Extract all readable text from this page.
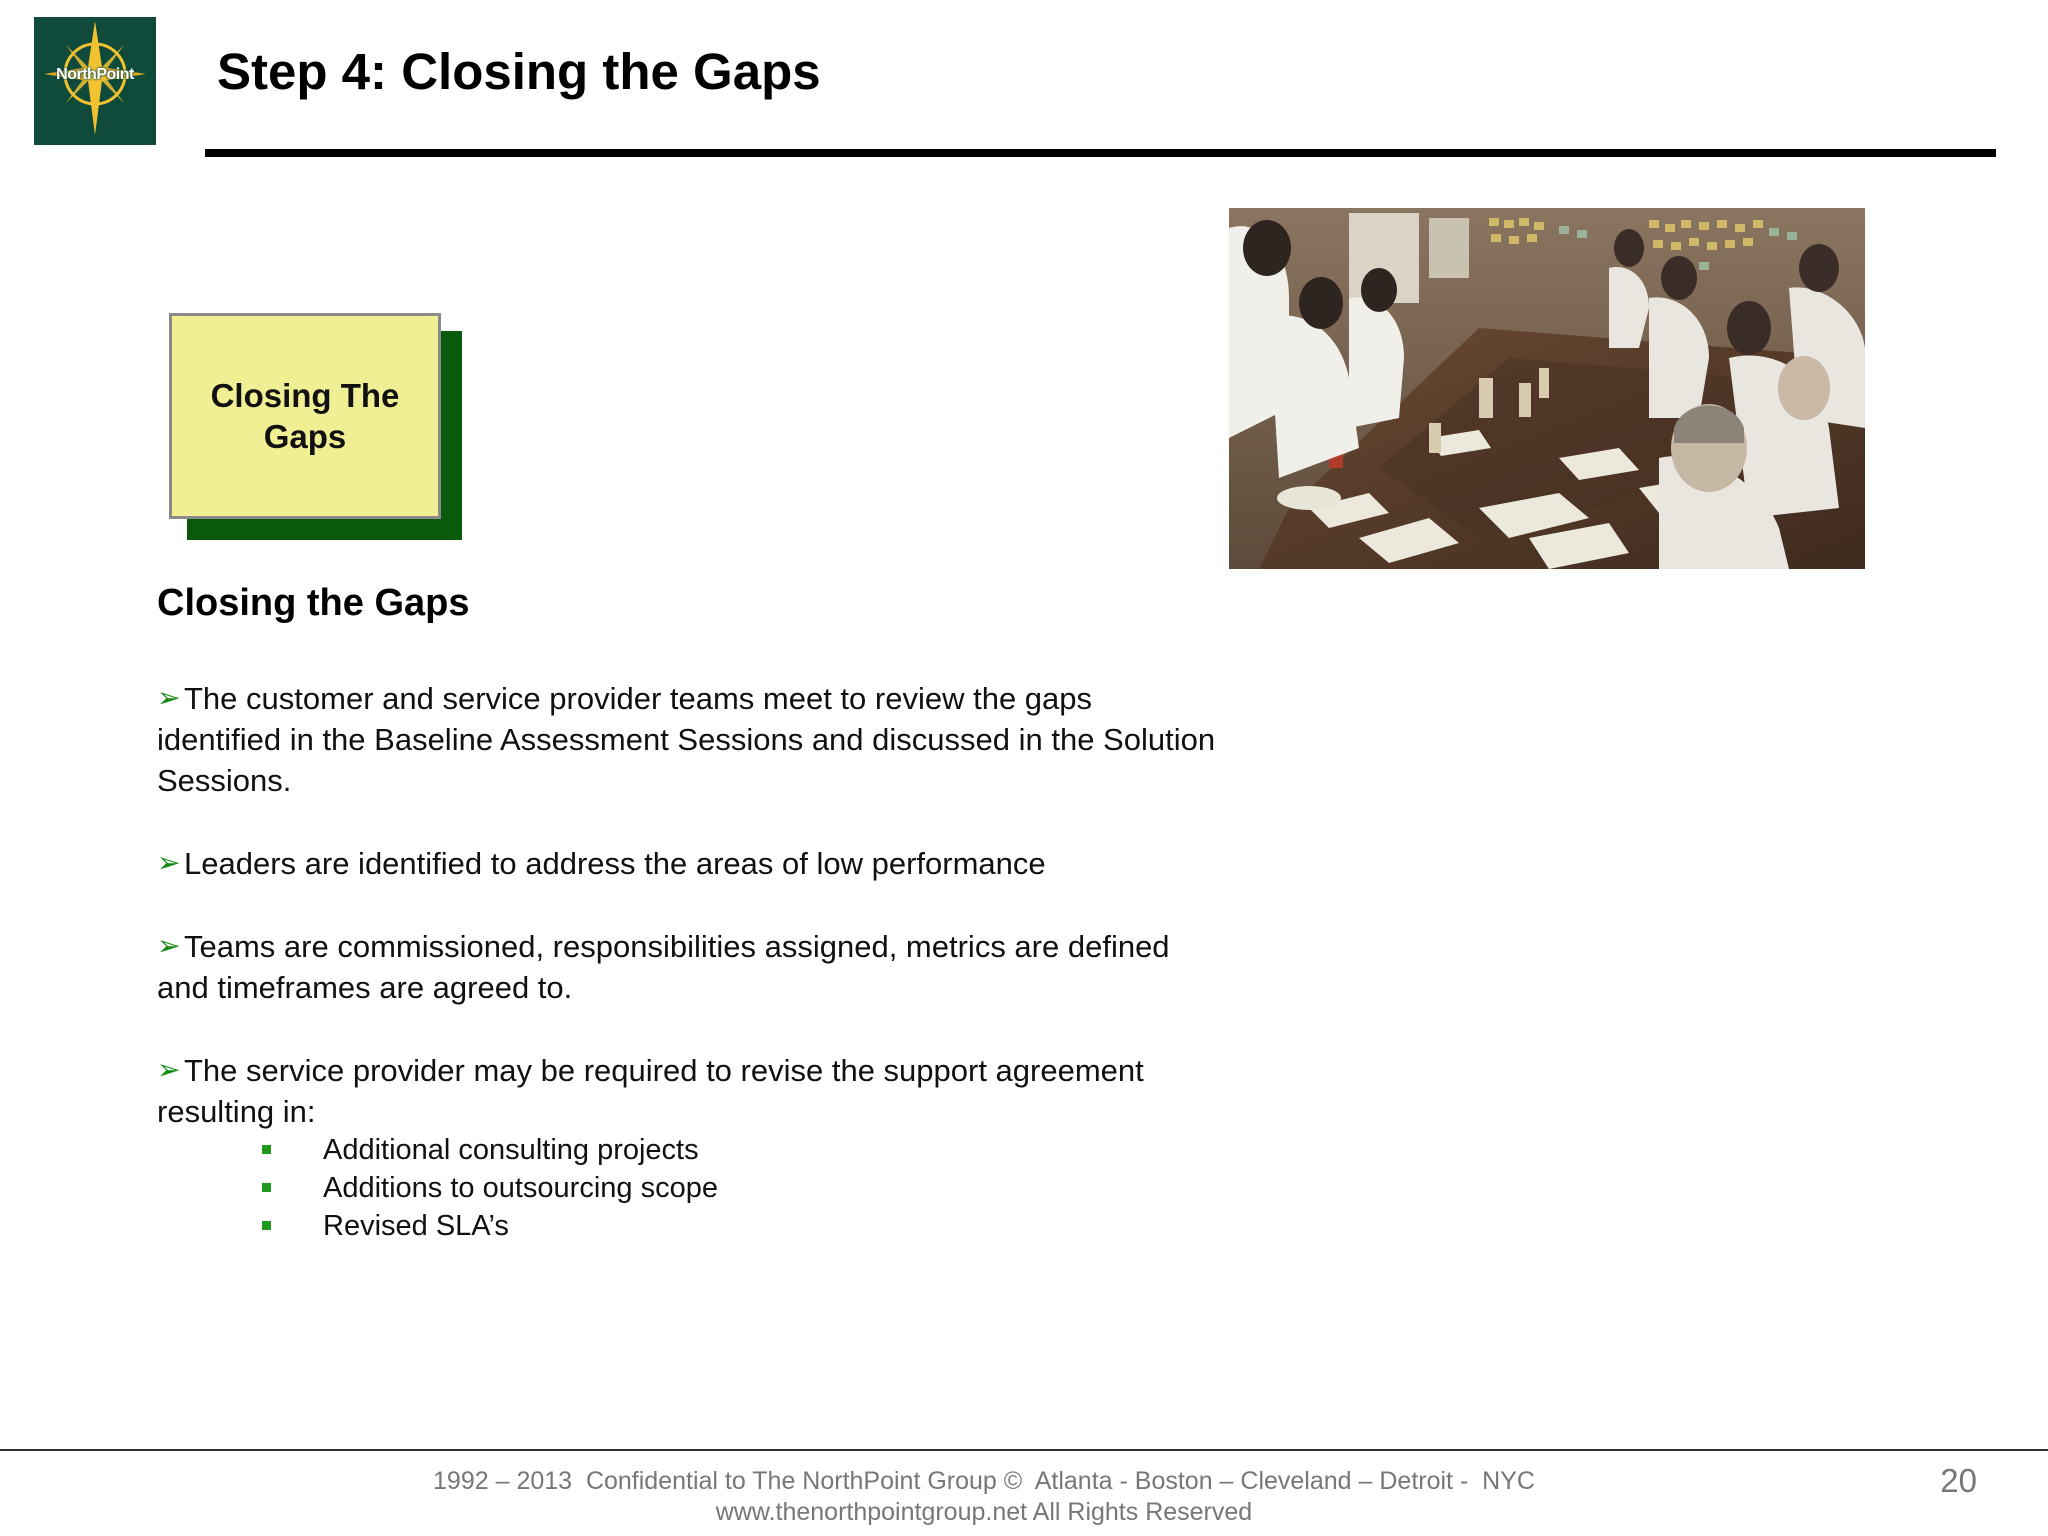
NorthPoint	Step 4: Closing the Gaps
Closing The Gaps
Closing the Gaps
➢ The customer and service provider teams meet to review the gaps identified in the Baseline Assessment Sessions and discussed in the Solution Sessions.
➢ Leaders are identified to address the areas of low performance
➢ Teams are commissioned, responsibilities assigned, metrics are defined and timeframes are agreed to.
➢ The service provider may be required to revise the support agreement resulting in:
Additional consulting projects
Additions to outsourcing scope
Revised SLA’s
1992 – 2013  Confidential to The NorthPoint Group ©  Atlanta - Boston – Cleveland – Detroit -  NYC
www.thenorthpointgroup.net All Rights Reserved
20
